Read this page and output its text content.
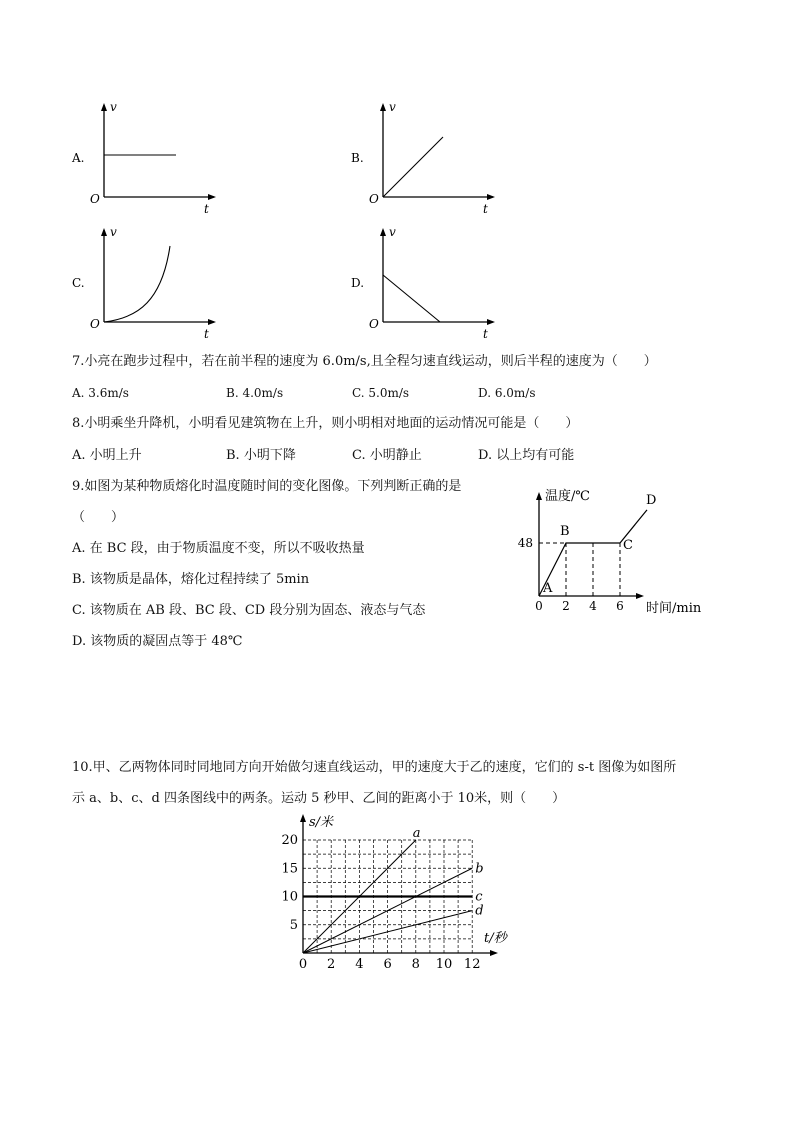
A.
v
t
O
B.
v
t
O
C.
v
t
O
D.
v
t
O
7.小亮在跑步过程中，若在前半程的速度为 6.0m/s,且全程匀速直线运动，则后半程的速度为（　　）
A. 3.6m/s	B. 4.0m/s	C. 5.0m/s	D. 6.0m/s
8.小明乘坐升降机，小明看见建筑物在上升，则小明相对地面的运动情况可能是（　　）
A. 小明上升	B. 小明下降	C. 小明静止	D. 以上均有可能
9.如图为某种物质熔化时温度随时间的变化图像。下列判断正确的是
（　　）
A. 在 BC 段，由于物质温度不变，所以不吸收热量
B. 该物质是晶体，熔化过程持续了 5min
C. 该物质在 AB 段、BC 段、CD 段分别为固态、液态与气态
D. 该物质的凝固点等于 48℃
温度/℃
时间/min
0 2 4 6
48
A
B
C
D
10.甲、乙两物体同时同地同方向开始做匀速直线运动，甲的速度大于乙的速度，它们的 s-t 图像为如图所
示 a、b、c、d 四条图线中的两条。运动 5 秒甲、乙间的距离小于 10米，则（　　）
s/米
t/秒
0 2 4 6 8 10 12
5
10
15
20	a
b
c
d
